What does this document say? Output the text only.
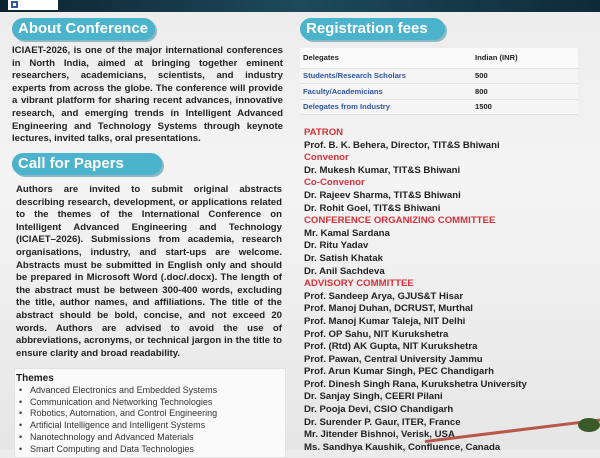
About Conference
ICIAET-2026, is one of the major international conferences in North India, aimed at bringing together eminent researchers, academicians, scientists, and industry experts from across the globe. The conference will provide a vibrant platform for sharing recent advances, innovative research, and emerging trends in Intelligent Advanced Engineering and Technology Systems through keynote lectures, invited talks, oral presentations.
Call for Papers
Authors are invited to submit original abstracts describing research, development, or applications related to the themes of the International Conference on Intelligent Advanced Engineering and Technology (ICIAET–2026). Submissions from academia, research organisations, industry, and start-ups are welcome. Abstracts must be submitted in English only and should be prepared in Microsoft Word (.doc/.docx). The length of the abstract must be between 300-400 words, excluding the title, author names, and affiliations. The title of the abstract should be bold, concise, and not exceed 20 words. Authors are advised to avoid the use of abbreviations, acronyms, or technical jargon in the title to ensure clarity and broad readability.
Themes
• Advanced Electronics and Embedded Systems
• Communication and Networking Technologies
• Robotics, Automation, and Control Engineering
• Artificial Intelligence and Intelligent Systems
• Nanotechnology and Advanced Materials
• Smart Computing and Data Technologies
Registration fees
Delegates	Indian (INR)
Students/Research Scholars	500
Faculty/Academicians	800
Delegates from Industry	1500
PATRON
Prof. B. K. Behera, Director, TIT&S Bhiwani
Convenor
Dr. Mukesh Kumar, TIT&S Bhiwani
Co-Convenor
Dr. Rajeev Sharma, TIT&S Bhiwani
Dr. Rohit Goel, TIT&S Bhiwani
CONFERENCE ORGANIZING COMMITTEE
Mr. Kamal Sardana
Dr. Ritu Yadav
Dr. Satish Khatak
Dr. Anil Sachdeva
ADVISORY COMMITTEE
Prof. Sandeep Arya, GJUS&T Hisar
Prof. Manoj Duhan, DCRUST, Murthal
Prof. Manoj Kumar Taleja, NIT Delhi
Prof. OP Sahu, NIT Kurukshetra
Prof. (Rtd) AK Gupta, NIT Kurukshetra
Prof. Pawan, Central University Jammu
Prof. Arun Kumar Singh, PEC Chandigarh
Prof. Dinesh Singh Rana, Kurukshetra University
Dr. Sanjay Singh, CEERI Pilani
Dr. Pooja Devi, CSIO Chandigarh
Dr. Surender P. Gaur, ITER, France
Mr. Jitender Bishnoi, Verisk, USA
Ms. Sandhya Kaushik, Confluence, Canada
